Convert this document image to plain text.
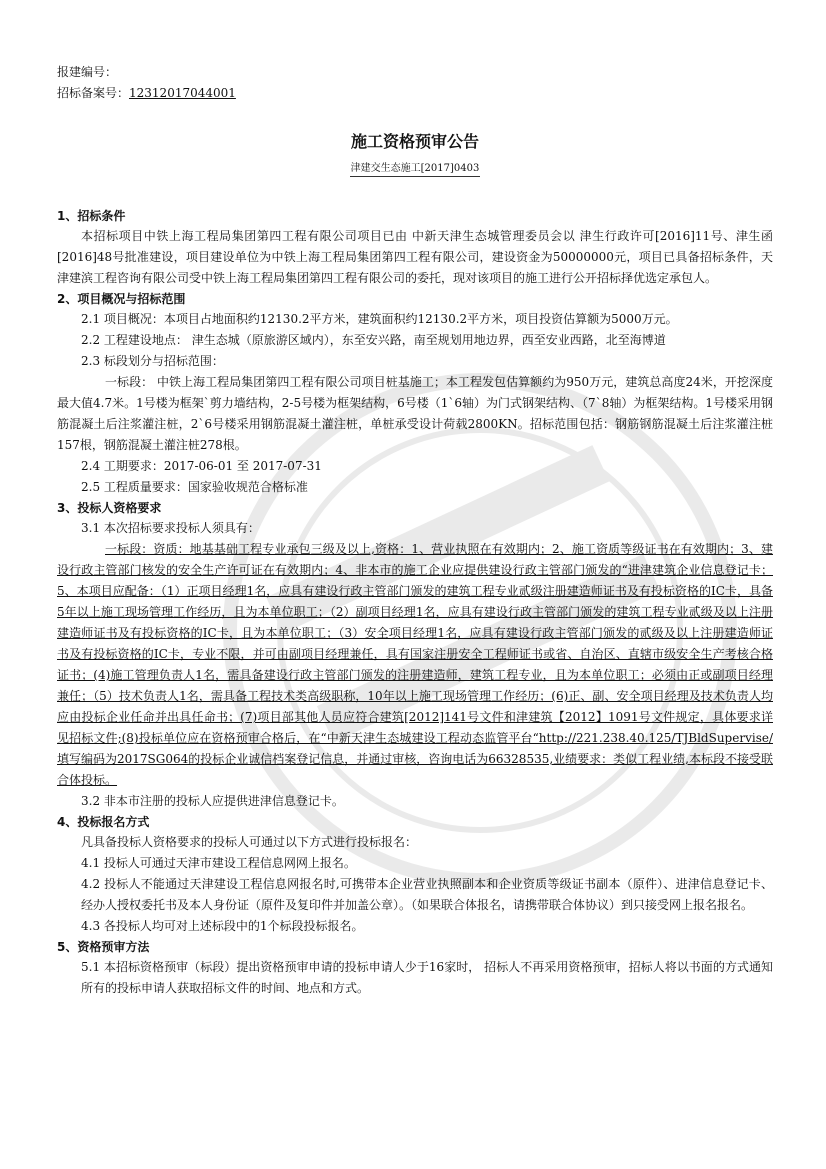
报建编号：

招标备案号：12312017044001

施工资格预审公告
津建交生态施工[2017]0403
1、招标条件

本招标项目中铁上海工程局集团第四工程有限公司项目已由 中新天津生态城管理委员会以 津生行政许可[2016]11号、津生函[2016]48号批准建设，项目建设单位为中铁上海工程局集团第四工程有限公司，建设资金为50000000元，项目已具备招标条件，天津建滨工程咨询有限公司受中铁上海工程局集团第四工程有限公司的委托，现对该项目的施工进行公开招标择优选定承包人。

2、项目概况与招标范围

2.1 项目概况：本项目占地面积约12130.2平方米，建筑面积约12130.2平方米，项目投资估算额为5000万元。

2.2 工程建设地点： 津生态城（原旅游区域内），东至安兴路，南至规划用地边界，西至安业西路，北至海博道

2.3 标段划分与招标范围：

一标段： 中铁上海工程局集团第四工程有限公司项目桩基施工；本工程发包估算额约为950万元，建筑总高度24米，开挖深度最大值4.7米。1号楼为框架`剪力墙结构，2-5号楼为框架结构，6号楼（1`6轴）为门式钢架结构、（7`8轴）为框架结构。1号楼采用钢筋混凝土后注浆灌注桩，2`6号楼采用钢筋混凝土灌注桩，单桩承受设计荷载2800KN。招标范围包括：钢筋钢筋混凝土后注浆灌注桩157根，钢筋混凝土灌注桩278根。

2.4 工期要求：2017-06-01 至 2017-07-31

2.5 工程质量要求：国家验收规范合格标准

3、投标人资格要求

3.1 本次招标要求投标人须具有：

一标段：资质：地基基础工程专业承包三级及以上,资格：1、营业执照在有效期内；2、施工资质等级证书在有效期内；3、建设行政主管部门核发的安全生产许可证在有效期内；4、非本市的施工企业应提供建设行政主管部门颁发的“进津建筑企业信息登记卡；5、本项目应配备：（1）正项目经理1名，应具有建设行政主管部门颁发的建筑工程专业贰级注册建造师证书及有投标资格的IC卡，具备5年以上施工现场管理工作经历，且为本单位职工；（2）副项目经理1名，应具有建设行政主管部门颁发的建筑工程专业贰级及以上注册建造师证书及有投标资格的IC卡，且为本单位职工；（3）安全项目经理1名，应具有建设行政主管部门颁发的贰级及以上注册建造师证书及有投标资格的IC卡，专业不限，并可由副项目经理兼任，具有国家注册安全工程师证书或省、自治区、直辖市级安全生产考核合格证书；(4)施工管理负责人1名，需具备建设行政主管部门颁发的注册建造师，建筑工程专业，且为本单位职工；必须由正或副项目经理兼任；（5）技术负责人1名，需具备工程技术类高级职称，10年以上施工现场管理工作经历；(6)正、副、安全项目经理及技术负责人均应由投标企业任命并出具任命书；(7)项目部其他人员应符合建筑[2012]141号文件和津建筑【2012】1091号文件规定，具体要求详见招标文件;(8)投标单位应在资格预审合格后，在“中新天津生态城建设工程动态监管平台“http://221.238.40.125/TJBldSupervise/填写编码为2017SG064的投标企业诚信档案登记信息，并通过审核，咨询电话为66328535,业绩要求：类似工程业绩,本标段不接受联合体投标。

3.2 非本市注册的投标人应提供进津信息登记卡。

4、投标报名方式

凡具备投标人资格要求的投标人可通过以下方式进行投标报名：

4.1 投标人可通过天津市建设工程信息网网上报名。

4.2 投标人不能通过天津建设工程信息网报名时,可携带本企业营业执照副本和企业资质等级证书副本（原件）、进津信息登记卡、经办人授权委托书及本人身份证（原件及复印件并加盖公章）。（如果联合体报名，请携带联合体协议）到只接受网上报名报名。

4.3 各投标人均可对上述标段中的1个标段投标报名。

5、资格预审方法

5.1 本招标资格预审（标段）提出资格预审申请的投标申请人少于16家时， 招标人不再采用资格预审，招标人将以书面的方式通知所有的投标申请人获取招标文件的时间、地点和方式。
